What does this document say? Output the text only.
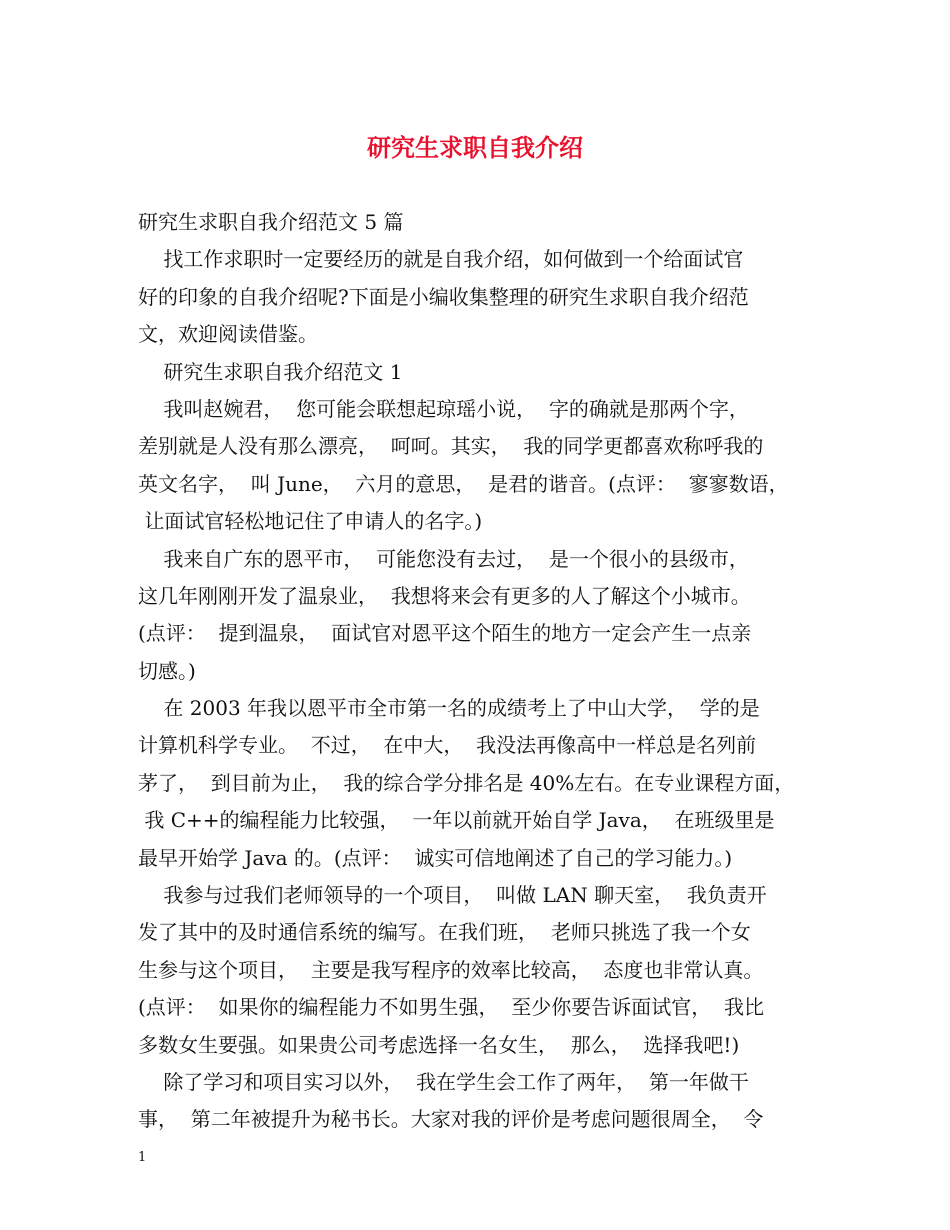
研究生求职自我介绍
研究生求职自我介绍范文 5 篇
找工作求职时一定要经历的就是自我介绍，如何做到一个给面试官
好的印象的自我介绍呢?下面是小编收集整理的研究生求职自我介绍范
文，欢迎阅读借鉴。
研究生求职自我介绍范文 1
我叫赵婉君，  您可能会联想起琼瑶小说，  字的确就是那两个字，
差别就是人没有那么漂亮，  呵呵。其实，  我的同学更都喜欢称呼我的
英文名字，  叫 June，  六月的意思，  是君的谐音。(点评：  寥寥数语，
让面试官轻松地记住了申请人的名字。)
我来自广东的恩平市，  可能您没有去过，  是一个很小的县级市，
这几年刚刚开发了温泉业，  我想将来会有更多的人了解这个小城市。
(点评：  提到温泉，  面试官对恩平这个陌生的地方一定会产生一点亲
切感。)
在 2003 年我以恩平市全市第一名的成绩考上了中山大学，  学的是
计算机科学专业。  不过，  在中大，  我没法再像高中一样总是名列前
茅了，  到目前为止，  我的综合学分排名是 40%左右。在专业课程方面，
我 C++的编程能力比较强，  一年以前就开始自学 Java，  在班级里是
最早开始学 Java 的。(点评：  诚实可信地阐述了自己的学习能力。)
我参与过我们老师领导的一个项目，  叫做 LAN 聊天室，  我负责开
发了其中的及时通信系统的编写。在我们班，  老师只挑选了我一个女
生参与这个项目，  主要是我写程序的效率比较高，  态度也非常认真。
(点评：  如果你的编程能力不如男生强，  至少你要告诉面试官，  我比
多数女生要强。如果贵公司考虑选择一名女生，  那么，  选择我吧!)
除了学习和项目实习以外，  我在学生会工作了两年，  第一年做干
事，  第二年被提升为秘书长。大家对我的评价是考虑问题很周全，  令
1
